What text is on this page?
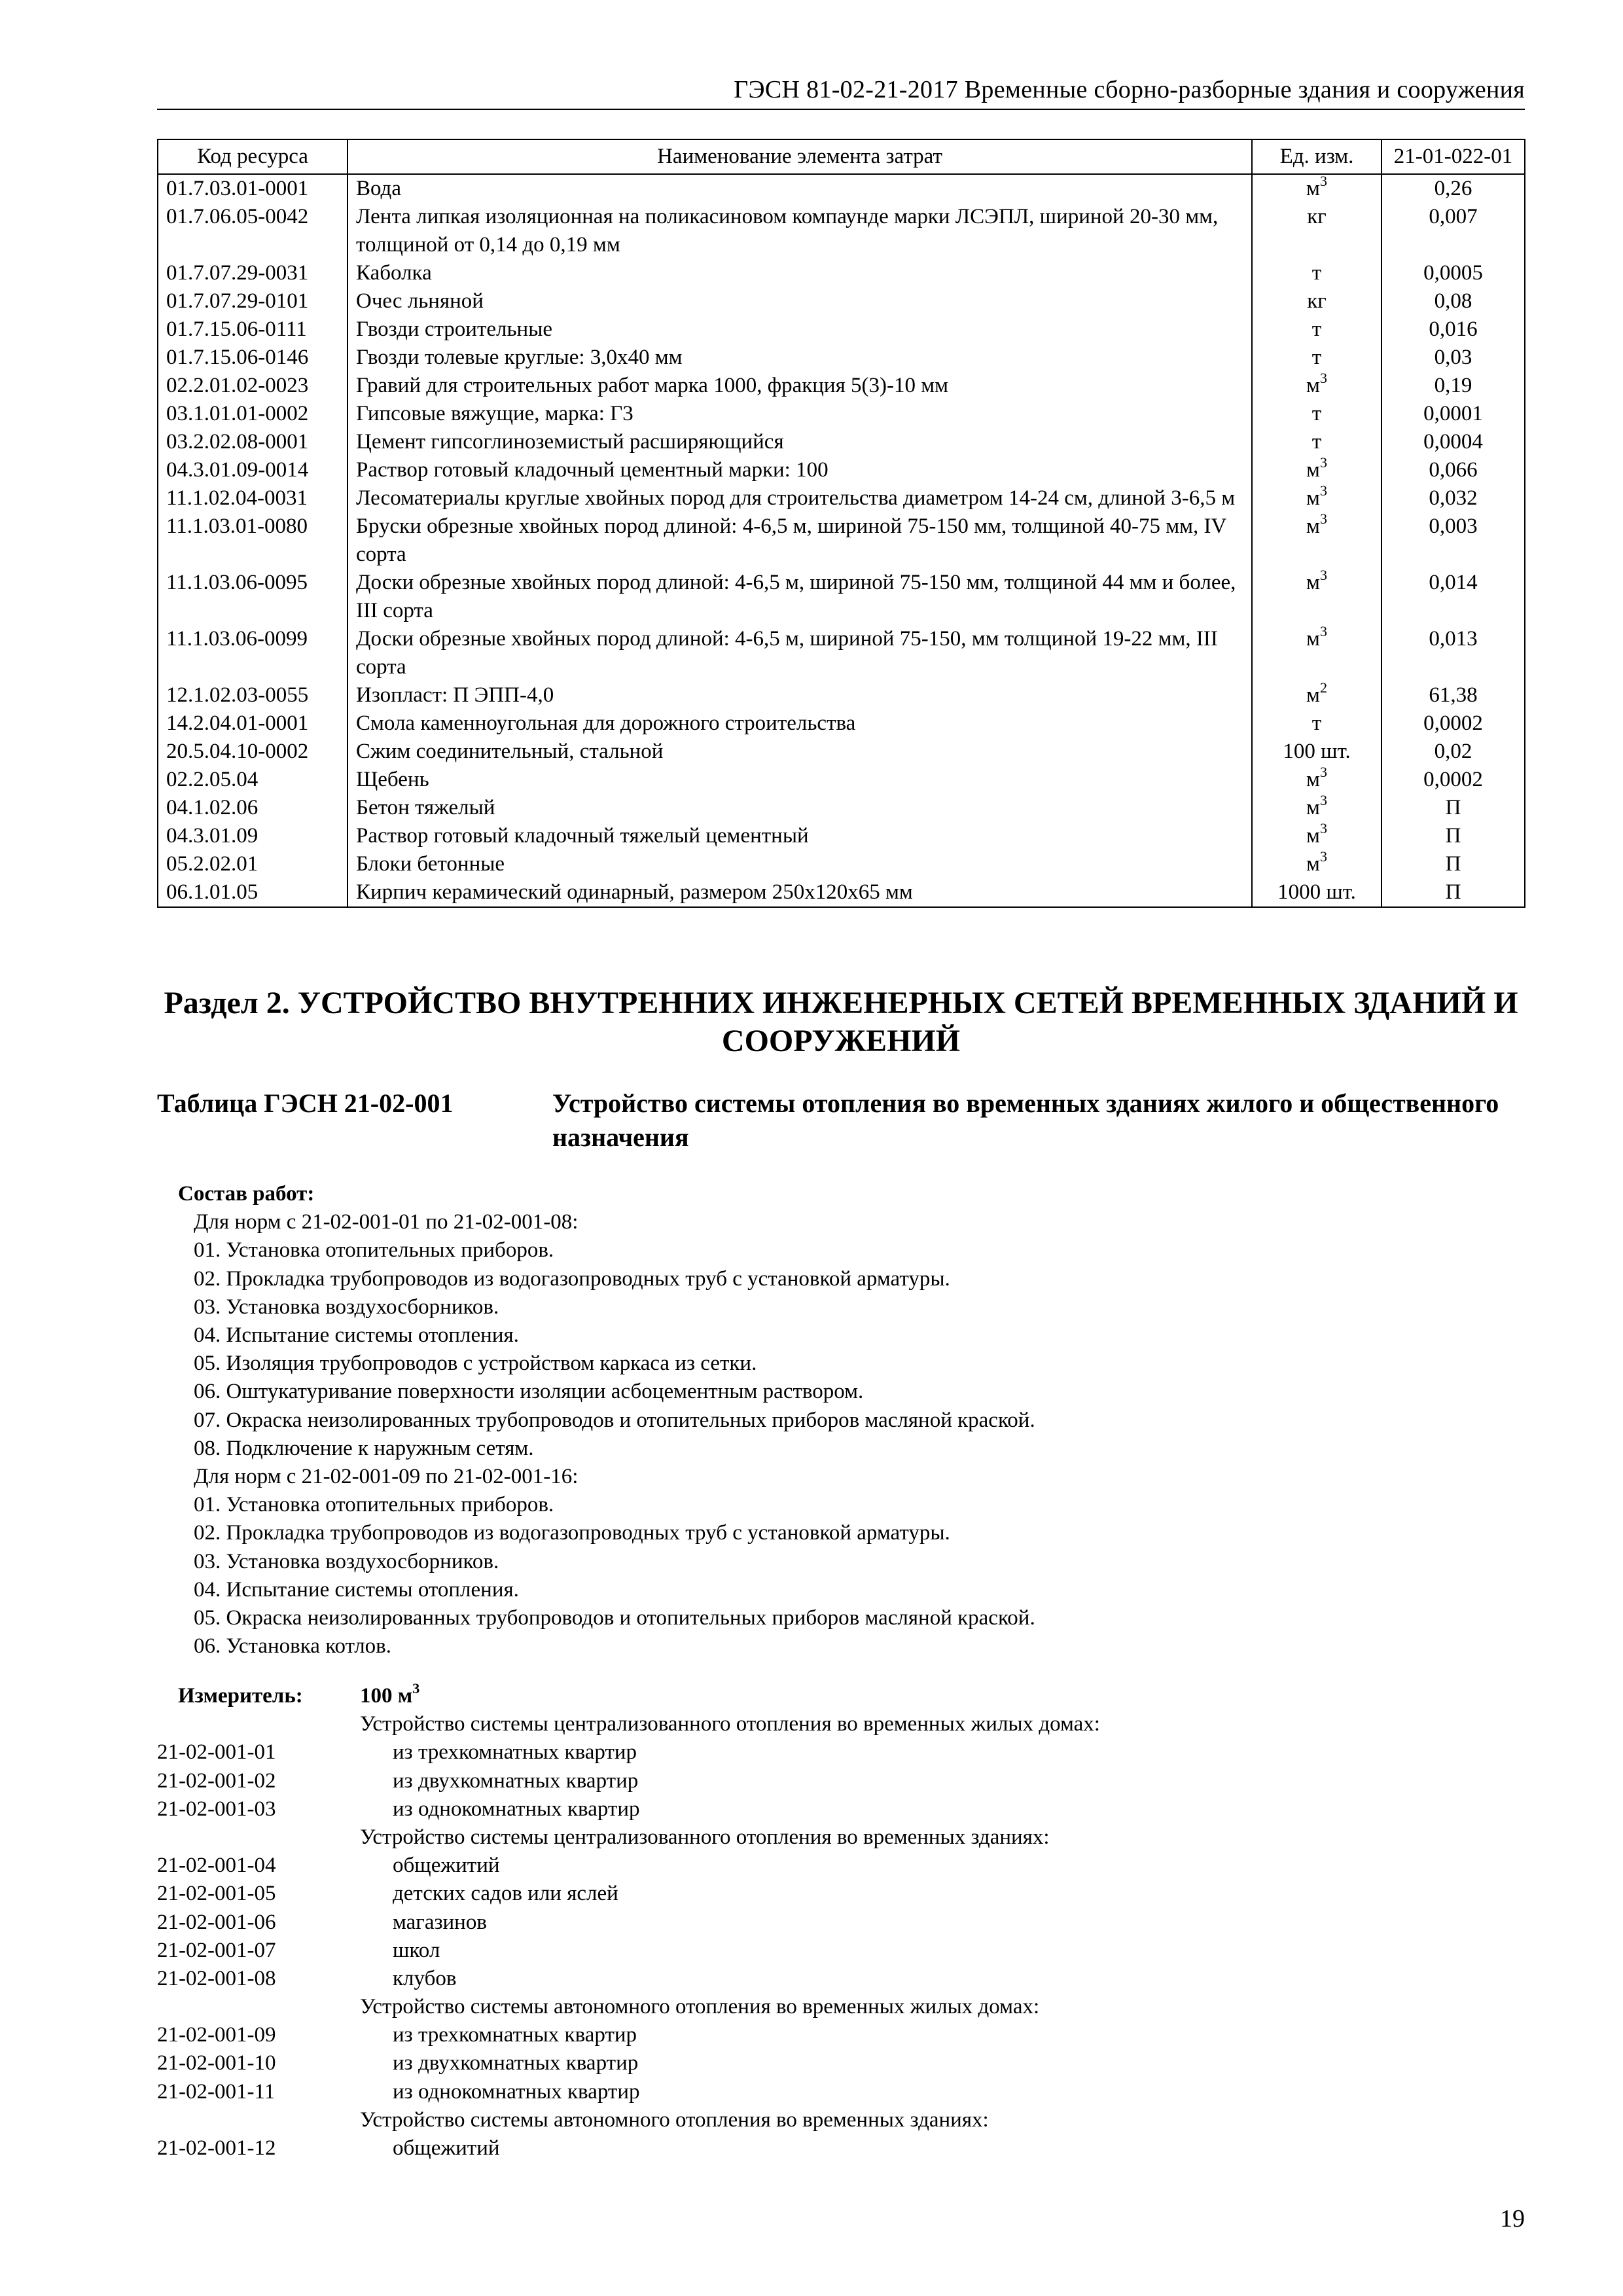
ГЭСН 81-02-21-2017 Временные сборно-разборные здания и сооружения
Код ресурса	Наименование элемента затрат	Ед. изм.	21-01-022-01
01.7.03.01-0001	Вода	$м^3$	0,26
01.7.06.05-0042	Лента липкая изоляционная на поликасиновом компаунде марки ЛСЭПЛ, шириной 20-30 мм, толщиной от 0,14 до 0,19 мм	кг	0,007
01.7.07.29-0031	Каболка	т	0,0005
01.7.07.29-0101	Очес льняной	кг	0,08
01.7.15.06-0111	Гвозди строительные	т	0,016
01.7.15.06-0146	Гвозди толевые круглые: 3,0x40 мм	т	0,03
02.2.01.02-0023	Гравий для строительных работ марка 1000, фракция 5(3)-10 мм	$м^3$	0,19
03.1.01.01-0002	Гипсовые вяжущие, марка: Г3	т	0,0001
03.2.02.08-0001	Цемент гипсоглиноземистый расширяющийся	т	0,0004
04.3.01.09-0014	Раствор готовый кладочный цементный марки: 100	$м^3$	0,066
11.1.02.04-0031	Лесоматериалы круглые хвойных пород для строительства диаметром 14-24 см, длиной 3-6,5 м	$м^3$	0,032
11.1.03.01-0080	Бруски обрезные хвойных пород длиной: 4-6,5 м, шириной 75-150 мм, толщиной 40-75 мм, IV сорта	$м^3$	0,003
11.1.03.06-0095	Доски обрезные хвойных пород длиной: 4-6,5 м, шириной 75-150 мм, толщиной 44 мм и более, III сорта	$м^3$	0,014
11.1.03.06-0099	Доски обрезные хвойных пород длиной: 4-6,5 м, шириной 75-150, мм толщиной 19-22 мм, III сорта	$м^3$	0,013
12.1.02.03-0055	Изопласт: П ЭПП-4,0	$м^2$	61,38
14.2.04.01-0001	Смола каменноугольная для дорожного строительства	т	0,0002
20.5.04.10-0002	Сжим соединительный, стальной	100 шт.	0,02
02.2.05.04	Щебень	$м^3$	0,0002
04.1.02.06	Бетон тяжелый	$м^3$	П
04.3.01.09	Раствор готовый кладочный тяжелый цементный	$м^3$	П
05.2.02.01	Блоки бетонные	$м^3$	П
06.1.01.05	Кирпич керамический одинарный, размером 250х120х65 мм	1000 шт.	П
Раздел 2. УСТРОЙСТВО ВНУТРЕННИХ ИНЖЕНЕРНЫХ СЕТЕЙ ВРЕМЕННЫХ ЗДАНИЙ И СООРУЖЕНИЙ
Таблица ГЭСН 21-02-001	Устройство системы отопления во временных зданиях жилого и общественного назначения
Состав работ:
Для норм с 21-02-001-01 по 21-02-001-08:
01. Установка отопительных приборов.
02. Прокладка трубопроводов из водогазопроводных труб с установкой арматуры.
03. Установка воздухосборников.
04. Испытание системы отопления.
05. Изоляция трубопроводов с устройством каркаса из сетки.
06. Оштукатуривание поверхности изоляции асбоцементным раствором.
07. Окраска неизолированных трубопроводов и отопительных приборов масляной краской.
08. Подключение к наружным сетям.
Для норм с 21-02-001-09 по 21-02-001-16:
01. Установка отопительных приборов.
02. Прокладка трубопроводов из водогазопроводных труб с установкой арматуры.
03. Установка воздухосборников.
04. Испытание системы отопления.
05. Окраска неизолированных трубопроводов и отопительных приборов масляной краской.
06. Установка котлов.
Измеритель:	100 $м^3$
Устройство системы централизованного отопления во временных жилых домах:
21-02-001-01	из трехкомнатных квартир
21-02-001-02	из двухкомнатных квартир
21-02-001-03	из однокомнатных квартир
Устройство системы централизованного отопления во временных зданиях:
21-02-001-04	общежитий
21-02-001-05	детских садов или яслей
21-02-001-06	магазинов
21-02-001-07	школ
21-02-001-08	клубов
Устройство системы автономного отопления во временных жилых домах:
21-02-001-09	из трехкомнатных квартир
21-02-001-10	из двухкомнатных квартир
21-02-001-11	из однокомнатных квартир
Устройство системы автономного отопления во временных зданиях:
21-02-001-12	общежитий
19
